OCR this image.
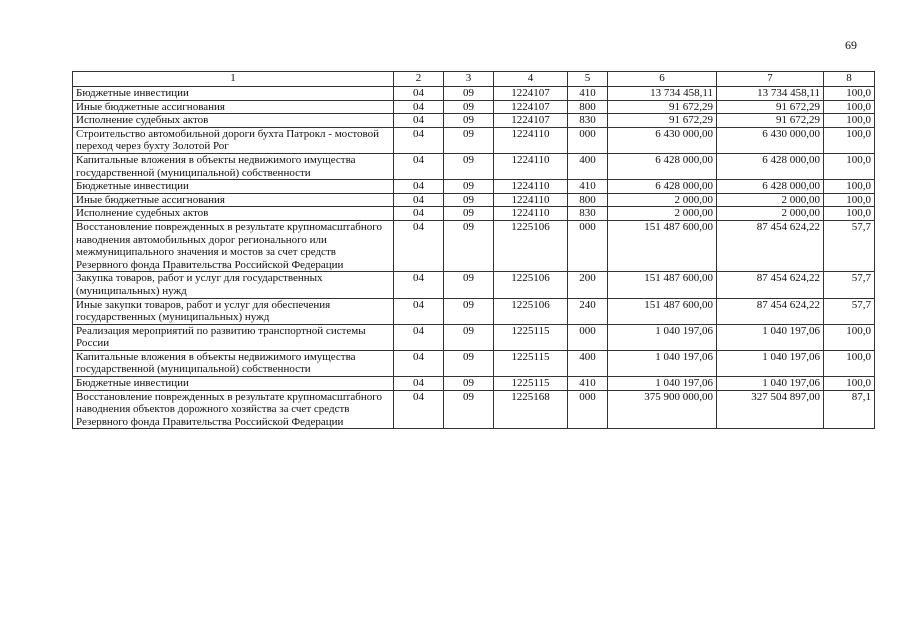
69
1	2	3	4	5	6	7	8
Бюджетные инвестиции	04	09	1224107	410	13 734 458,11	13 734 458,11	100,0
Иные бюджетные ассигнования	04	09	1224107	800	91 672,29	91 672,29	100,0
Исполнение судебных актов	04	09	1224107	830	91 672,29	91 672,29	100,0
Строительство автомобильной дороги бухта Патрокл - мостовой переход через бухту Золотой Рог	04	09	1224110	000	6 430 000,00	6 430 000,00	100,0
Капитальные вложения в объекты недвижимого имущества государственной (муниципальной) собственности	04	09	1224110	400	6 428 000,00	6 428 000,00	100,0
Бюджетные инвестиции	04	09	1224110	410	6 428 000,00	6 428 000,00	100,0
Иные бюджетные ассигнования	04	09	1224110	800	2 000,00	2 000,00	100,0
Исполнение судебных актов	04	09	1224110	830	2 000,00	2 000,00	100,0
Восстановление поврежденных в результате крупномасштабного наводнения автомобильных дорог регионального или межмуниципального значения и мостов за счет средств Резервного фонда Правительства Российской Федерации	04	09	1225106	000	151 487 600,00	87 454 624,22	57,7
Закупка товаров, работ и услуг для государственных (муниципальных) нужд	04	09	1225106	200	151 487 600,00	87 454 624,22	57,7
Иные закупки товаров, работ и услуг для обеспечения государственных (муниципальных) нужд	04	09	1225106	240	151 487 600,00	87 454 624,22	57,7
Реализация мероприятий по развитию транспортной системы России	04	09	1225115	000	1 040 197,06	1 040 197,06	100,0
Капитальные вложения в объекты недвижимого имущества государственной (муниципальной) собственности	04	09	1225115	400	1 040 197,06	1 040 197,06	100,0
Бюджетные инвестиции	04	09	1225115	410	1 040 197,06	1 040 197,06	100,0
Восстановление поврежденных в результате крупномасштабного наводнения объектов дорожного хозяйства за счет средств Резервного фонда Правительства Российской Федерации	04	09	1225168	000	375 900 000,00	327 504 897,00	87,1
